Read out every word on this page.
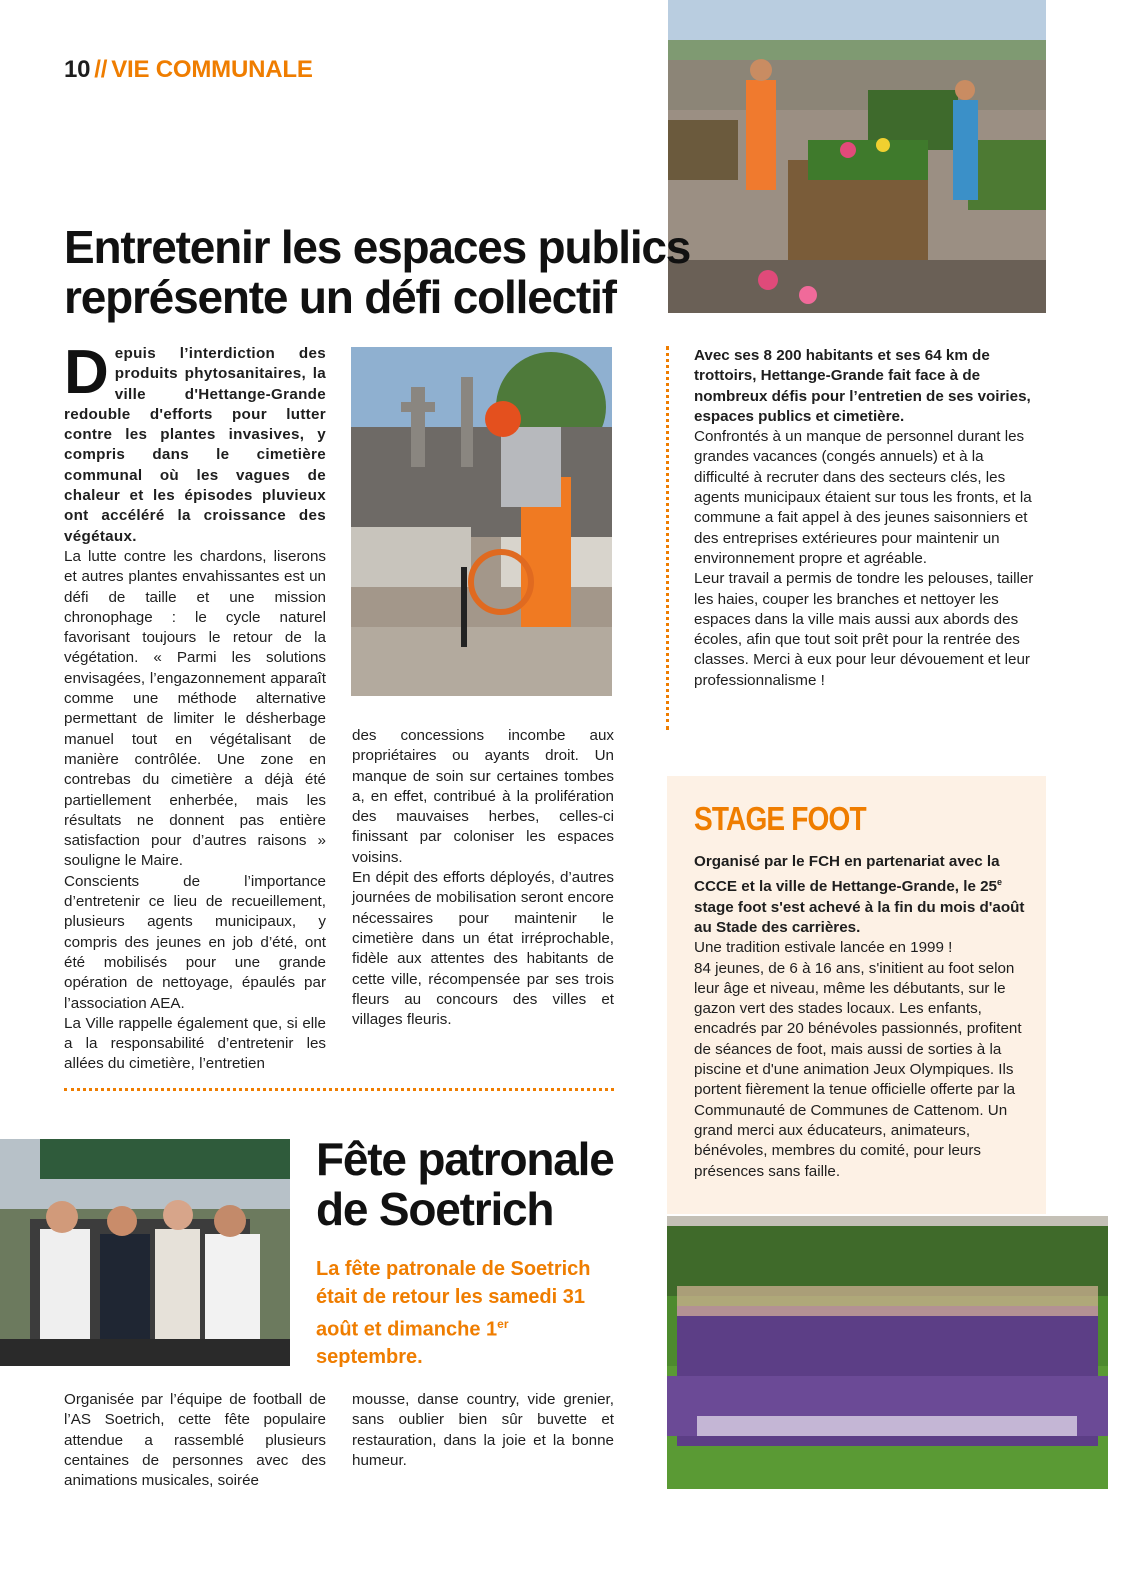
10 // VIE COMMUNALE
Entretenir les espaces publics
représente un défi collectif

Depuis l’interdiction des produits phytosanitaires, la ville d'Hettange-Grande redouble d'efforts pour lutter contre les plantes invasives, y compris dans le cimetière communal où les vagues de chaleur et les épisodes pluvieux ont accéléré la croissance des végétaux.

La lutte contre les chardons, liserons et autres plantes envahissantes est un défi de taille et une mission chronophage : le cycle naturel favorisant toujours le retour de la végétation. « Parmi les solutions envisagées, l’engazonnement apparaît comme une méthode alternative permettant de limiter le désherbage manuel tout en végétalisant de manière contrôlée. Une zone en contrebas du cimetière a déjà été partiellement enherbée, mais les résultats ne donnent pas entière satisfaction pour d’autres raisons » souligne le Maire.

Conscients de l’importance d’entretenir ce lieu de recueillement, plusieurs agents municipaux, y compris des jeunes en job d’été, ont été mobilisés pour une grande opération de nettoyage, épaulés par l’association AEA.

La Ville rappelle également que, si elle a la responsabilité d’entretenir les allées du cimetière, l’entretien

des concessions incombe aux propriétaires ou ayants droit. Un manque de soin sur certaines tombes a, en effet, contribué à la prolifération des mauvaises herbes, celles-ci finissant par coloniser les espaces voisins.

En dépit des efforts déployés, d’autres journées de mobilisation seront encore nécessaires pour maintenir le cimetière dans un état irréprochable, fidèle aux attentes des habitants de cette ville, récompensée par ses trois fleurs au concours des villes et villages fleuris.

Avec ses 8 200 habitants et ses 64 km de trottoirs, Hettange-Grande fait face à de nombreux défis pour l’entretien de ses voiries, espaces publics et cimetière.

Confrontés à un manque de personnel durant les grandes vacances (congés annuels) et à la difficulté à recruter dans des secteurs clés, les agents municipaux étaient sur tous les fronts, et la commune a fait appel à des jeunes saisonniers et des entreprises extérieures pour maintenir un environnement propre et agréable.

Leur travail a permis de tondre les pelouses, tailler les haies, couper les branches et nettoyer les espaces dans la ville mais aussi aux abords des écoles, afin que tout soit prêt pour la rentrée des classes. Merci à eux pour leur dévouement et leur professionnalisme !

STAGE FOOT

Organisé par le FCH en partenariat avec la CCCE et la ville de Hettange-Grande, le 25e stage foot s'est achevé à la fin du mois d'août au Stade des carrières.

Une tradition estivale lancée en 1999 !

84 jeunes, de 6 à 16 ans, s'initient au foot selon leur âge et niveau, même les débutants, sur le gazon vert des stades locaux. Les enfants, encadrés par 20 bénévoles passionnés, profitent de séances de foot, mais aussi de sorties à la piscine et d'une animation Jeux Olympiques. Ils portent fièrement la tenue officielle offerte par la Communauté de Communes de Cattenom. Un grand merci aux éducateurs, animateurs, bénévoles, membres du comité, pour leurs présences sans faille.

Fête patronale
de Soetrich

La fête patronale de Soetrich était de retour les samedi 31 août et dimanche 1er septembre.

Organisée par l’équipe de football de l’AS Soetrich, cette fête populaire attendue a rassemblé plusieurs centaines de personnes avec des animations musicales, soirée

mousse, danse country, vide grenier, sans oublier bien sûr buvette et restauration, dans la joie et la bonne humeur.
